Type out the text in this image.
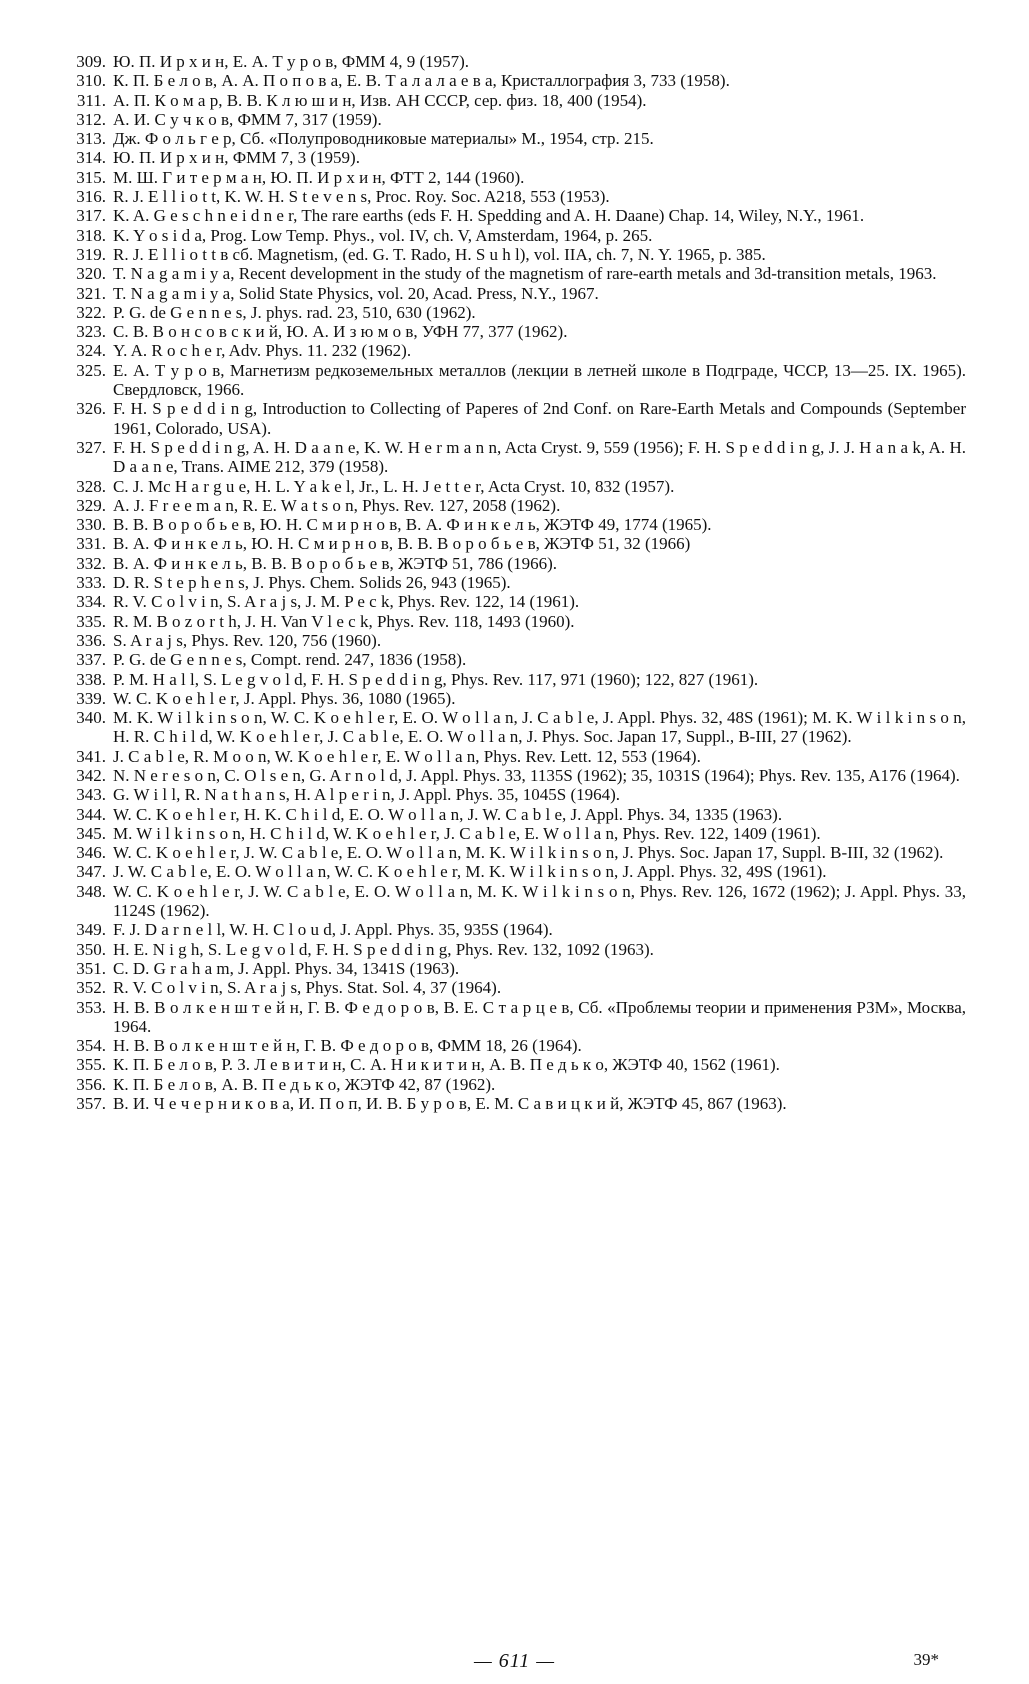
309. Ю. П. И р х и н, Е. А. Т у р о в, ФММ 4, 9 (1957).
310. К. П. Б е л о в, А. А. П о п о в а, Е. В. Т а л а л а е в а, Кристаллография 3, 733 (1958).
311. А. П. К о м а р, В. В. К л ю ш и н, Изв. АН СССР, сер. физ. 18, 400 (1954).
312. А. И. С у ч к о в, ФММ 7, 317 (1959).
313. Дж. Ф о л ь г е р, Сб. «Полупроводниковые материалы» М., 1954, стр. 215.
314. Ю. П. И р х и н, ФММ 7, 3 (1959).
315. М. Ш. Г и т е р м а н, Ю. П. И р х и н, ФТТ 2, 144 (1960).
316. R. J. E l l i o t t, K. W. H. S t e v e n s, Proc. Roy. Soc. A218, 553 (1953).
317. K. A. G e s c h n e i d n e r, The rare earths (eds F. H. Spedding and A. H. Daane) Chap. 14, Wiley, N.Y., 1961.
318. K. Y o s i d a, Prog. Low Temp. Phys., vol. IV, ch. V, Amsterdam, 1964, p. 265.
319. R. J. E l l i o t t в сб. Magnetism, (ed. G. T. Rado, H. S u h l), vol. IIA, ch. 7, N. Y. 1965, p. 385.
320. T. N a g a m i y a, Recent development in the study of the magnetism of rare-earth metals and 3d-transition metals, 1963.
321. T. N a g a m i y a, Solid State Physics, vol. 20, Acad. Press, N.Y., 1967.
322. P. G. de G e n n e s, J. phys. rad. 23, 510, 630 (1962).
323. С. В. В о н с о в с к и й, Ю. А. И з ю м о в, УФН 77, 377 (1962).
324. Y. A. R o c h e r, Adv. Phys. 11. 232 (1962).
325. Е. А. Т у р о в, Магнетизм редкоземельных металлов (лекции в летней школе в Подграде, ЧССР, 13—25. IX. 1965). Свердловск, 1966.
326. F. H. S p e d d i n g, Introduction to Collecting of Paperes of 2nd Conf. on Rare-Earth Metals and Compounds (September 1961, Colorado, USA).
327. F. H. S p e d d i n g, A. H. D a a n e, K. W. H e r m a n n, Acta Cryst. 9, 559 (1956); F. H. S p e d d i n g, J. J. H a n a k, A. H. D a a n e, Trans. AIME 212, 379 (1958).
328. C. J. Mc H a r g u e, H. L. Y a k e l, Jr., L. H. J e t t e r, Acta Cryst. 10, 832 (1957).
329. A. J. F r e e m a n, R. E. W a t s o n, Phys. Rev. 127, 2058 (1962).
330. В. В. В о р о б ь е в, Ю. Н. С м и р н о в, В. А. Ф и н к е л ь, ЖЭТФ 49, 1774 (1965).
331. В. А. Ф и н к е л ь, Ю. Н. С м и р н о в, В. В. В о р о б ь е в, ЖЭТФ 51, 32 (1966)
332. В. А. Ф и н к е л ь, В. В. В о р о б ь е в, ЖЭТФ 51, 786 (1966).
333. D. R. S t e p h e n s, J. Phys. Chem. Solids 26, 943 (1965).
334. R. V. C o l v i n, S. A r a j s, J. M. P e c k, Phys. Rev. 122, 14 (1961).
335. R. M. B o z o r t h, J. H. Van V l e c k, Phys. Rev. 118, 1493 (1960).
336. S. A r a j s, Phys. Rev. 120, 756 (1960).
337. P. G. de G e n n e s, Compt. rend. 247, 1836 (1958).
338. P. M. H a l l, S. L e g v o l d, F. H. S p e d d i n g, Phys. Rev. 117, 971 (1960); 122, 827 (1961).
339. W. C. K o e h l e r, J. Appl. Phys. 36, 1080 (1965).
340. M. K. W i l k i n s o n, W. C. K o e h l e r, E. O. W o l l a n, J. C a b l e, J. Appl. Phys. 32, 48S (1961); M. K. W i l k i n s o n, H. R. C h i l d, W. K o e h l e r, J. C a b l e, E. O. W o l l a n, J. Phys. Soc. Japan 17, Suppl., B-III, 27 (1962).
341. J. C a b l e, R. M o o n, W. K o e h l e r, E. W o l l a n, Phys. Rev. Lett. 12, 553 (1964).
342. N. N e r e s o n, C. O l s e n, G. A r n o l d, J. Appl. Phys. 33, 1135S (1962); 35, 1031S (1964); Phys. Rev. 135, A176 (1964).
343. G. W i l l, R. N a t h a n s, H. A l p e r i n, J. Appl. Phys. 35, 1045S (1964).
344. W. C. K o e h l e r, H. K. C h i l d, E. O. W o l l a n, J. W. C a b l e, J. Appl. Phys. 34, 1335 (1963).
345. M. W i l k i n s o n, H. C h i l d, W. K o e h l e r, J. C a b l e, E. W o l l a n, Phys. Rev. 122, 1409 (1961).
346. W. C. K o e h l e r, J. W. C a b l e, E. O. W o l l a n, M. K. W i l k i n s o n, J. Phys. Soc. Japan 17, Suppl. B-III, 32 (1962).
347. J. W. C a b l e, E. O. W o l l a n, W. C. K o e h l e r, M. K. W i l k i n s o n, J. Appl. Phys. 32, 49S (1961).
348. W. C. K o e h l e r, J. W. C a b l e, E. O. W o l l a n, M. K. W i l k i n s o n, Phys. Rev. 126, 1672 (1962); J. Appl. Phys. 33, 1124S (1962).
349. F. J. D a r n e l l, W. H. C l o u d, J. Appl. Phys. 35, 935S (1964).
350. H. E. N i g h, S. L e g v o l d, F. H. S p e d d i n g, Phys. Rev. 132, 1092 (1963).
351. C. D. G r a h a m, J. Appl. Phys. 34, 1341S (1963).
352. R. V. C o l v i n, S. A r a j s, Phys. Stat. Sol. 4, 37 (1964).
353. Н. В. В о л к е н ш т е й н, Г. В. Ф е д о р о в, В. Е. С т а р ц е в, Сб. «Проблемы теории и применения РЗМ», Москва, 1964.
354. Н. В. В о л к е н ш т е й н, Г. В. Ф е д о р о в, ФММ 18, 26 (1964).
355. К. П. Б е л о в, Р. З. Л е в и т и н, С. А. Н и к и т и н, А. В. П е д ь к о, ЖЭТФ 40, 1562 (1961).
356. К. П. Б е л о в, А. В. П е д ь к о, ЖЭТФ 42, 87 (1962).
357. В. И. Ч е ч е р н и к о в а, И. П о п, И. В. Б у р о в, Е. М. С а в и ц к и й, ЖЭТФ 45, 867 (1963).
— 611 —	39*
